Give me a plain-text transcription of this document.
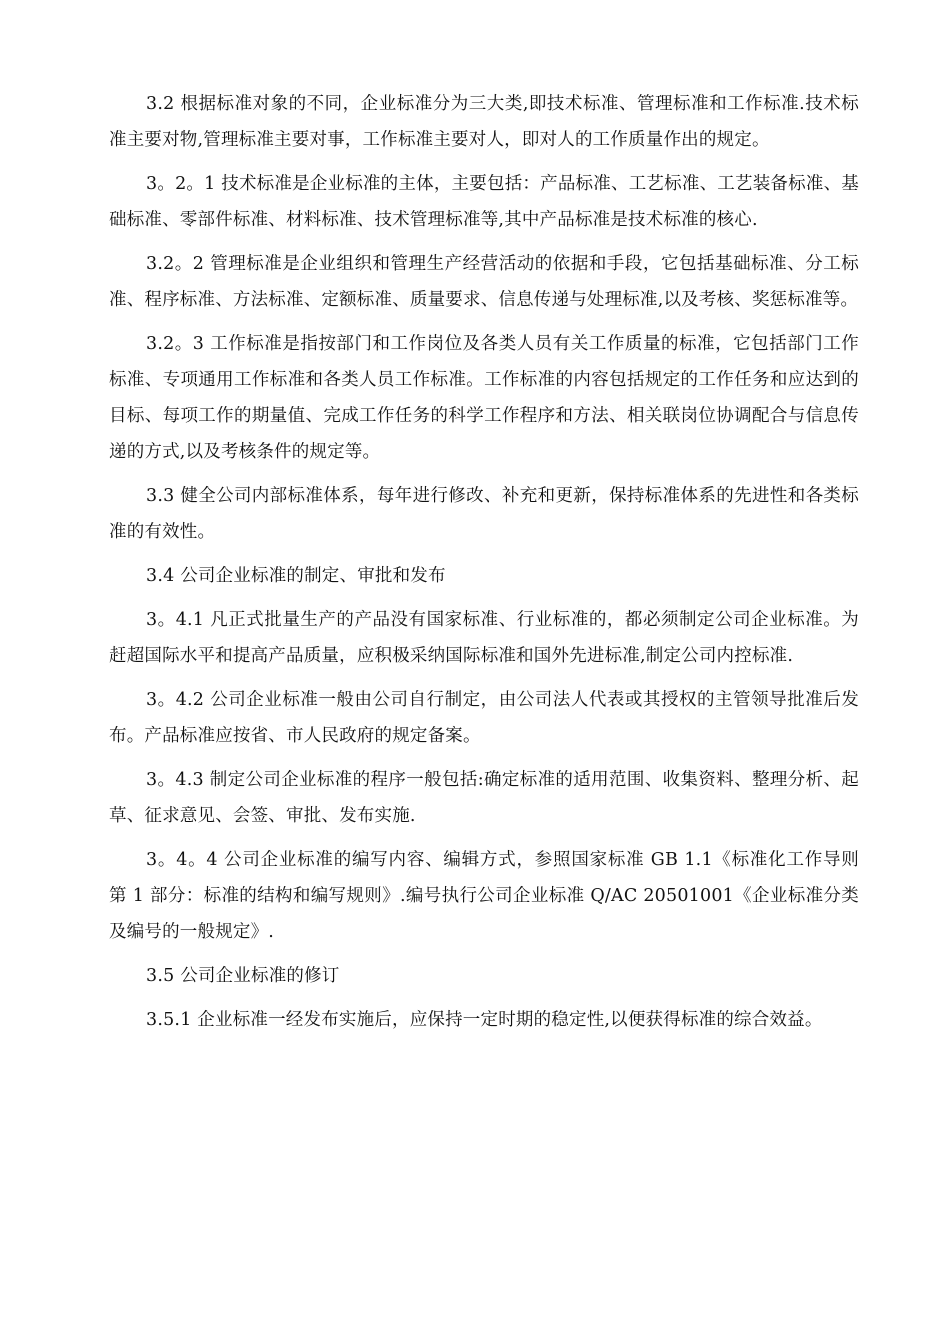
3.2 根据标准对象的不同，企业标准分为三大类,即技术标准、管理标准和工作标准.技术标准主要对物,管理标准主要对事，工作标准主要对人，即对人的工作质量作出的规定。

3。2。1 技术标准是企业标准的主体，主要包括：产品标准、工艺标准、工艺装备标准、基础标准、零部件标准、材料标准、技术管理标准等,其中产品标准是技术标准的核心.

3.2。2 管理标准是企业组织和管理生产经营活动的依据和手段，它包括基础标准、分工标准、程序标准、方法标准、定额标准、质量要求、信息传递与处理标准,以及考核、奖惩标准等。

3.2。3 工作标准是指按部门和工作岗位及各类人员有关工作质量的标准，它包括部门工作标准、专项通用工作标准和各类人员工作标准。工作标准的内容包括规定的工作任务和应达到的目标、每项工作的期量值、完成工作任务的科学工作程序和方法、相关联岗位协调配合与信息传递的方式,以及考核条件的规定等。

3.3 健全公司内部标准体系，每年进行修改、补充和更新，保持标准体系的先进性和各类标准的有效性。

3.4 公司企业标准的制定、审批和发布

3。4.1 凡正式批量生产的产品没有国家标准、行业标准的，都必须制定公司企业标准。为赶超国际水平和提高产品质量，应积极采纳国际标准和国外先进标准,制定公司内控标准.

3。4.2 公司企业标准一般由公司自行制定，由公司法人代表或其授权的主管领导批准后发布。产品标准应按省、市人民政府的规定备案。

3。4.3 制定公司企业标准的程序一般包括:确定标准的适用范围、收集资料、整理分析、起草、征求意见、会签、审批、发布实施.

3。4。4 公司企业标准的编写内容、编辑方式，参照国家标准 GB 1.1《标准化工作导则 第 1 部分：标准的结构和编写规则》.编号执行公司企业标准 Q/AC 20501001《企业标准分类及编号的一般规定》.

3.5 公司企业标准的修订

3.5.1 企业标准一经发布实施后，应保持一定时期的稳定性,以便获得标准的综合效益。
